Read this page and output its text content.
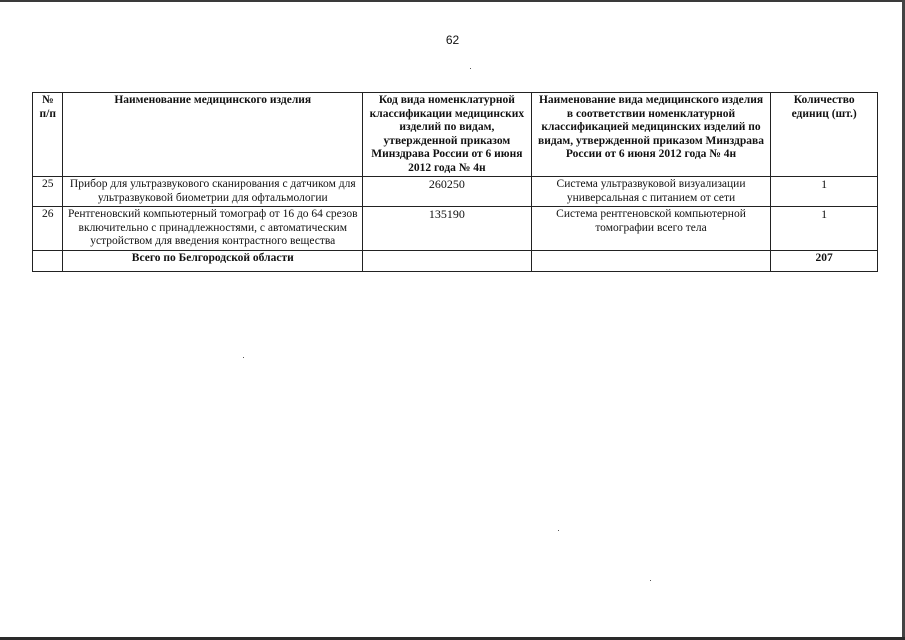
62
№ п/п	Наименование медицинского изделия	Код вида номенклатурной классификации медицинских изделий по видам, утвержденной приказом Минздрава России от 6 июня 2012 года № 4н	Наименование вида медицинского изделия в соответствии номенклатурной классификацией медицинских изделий по видам, утвержденной приказом Минздрава России от 6 июня 2012 года № 4н	Количество единиц (шт.)
25	Прибор для ультразвукового сканирования с датчиком для ультразвуковой биометрии для офтальмологии	260250	Система ультразвуковой визуализации универсальная с питанием от сети	1
26	Рентгеновский компьютерный томограф от 16 до 64 срезов включительно с принадлежностями, с автоматическим устройством для введения контрастного вещества	135190	Система рентгеновской компьютерной томографии всего тела	1
	Всего по Белгородской области			207
